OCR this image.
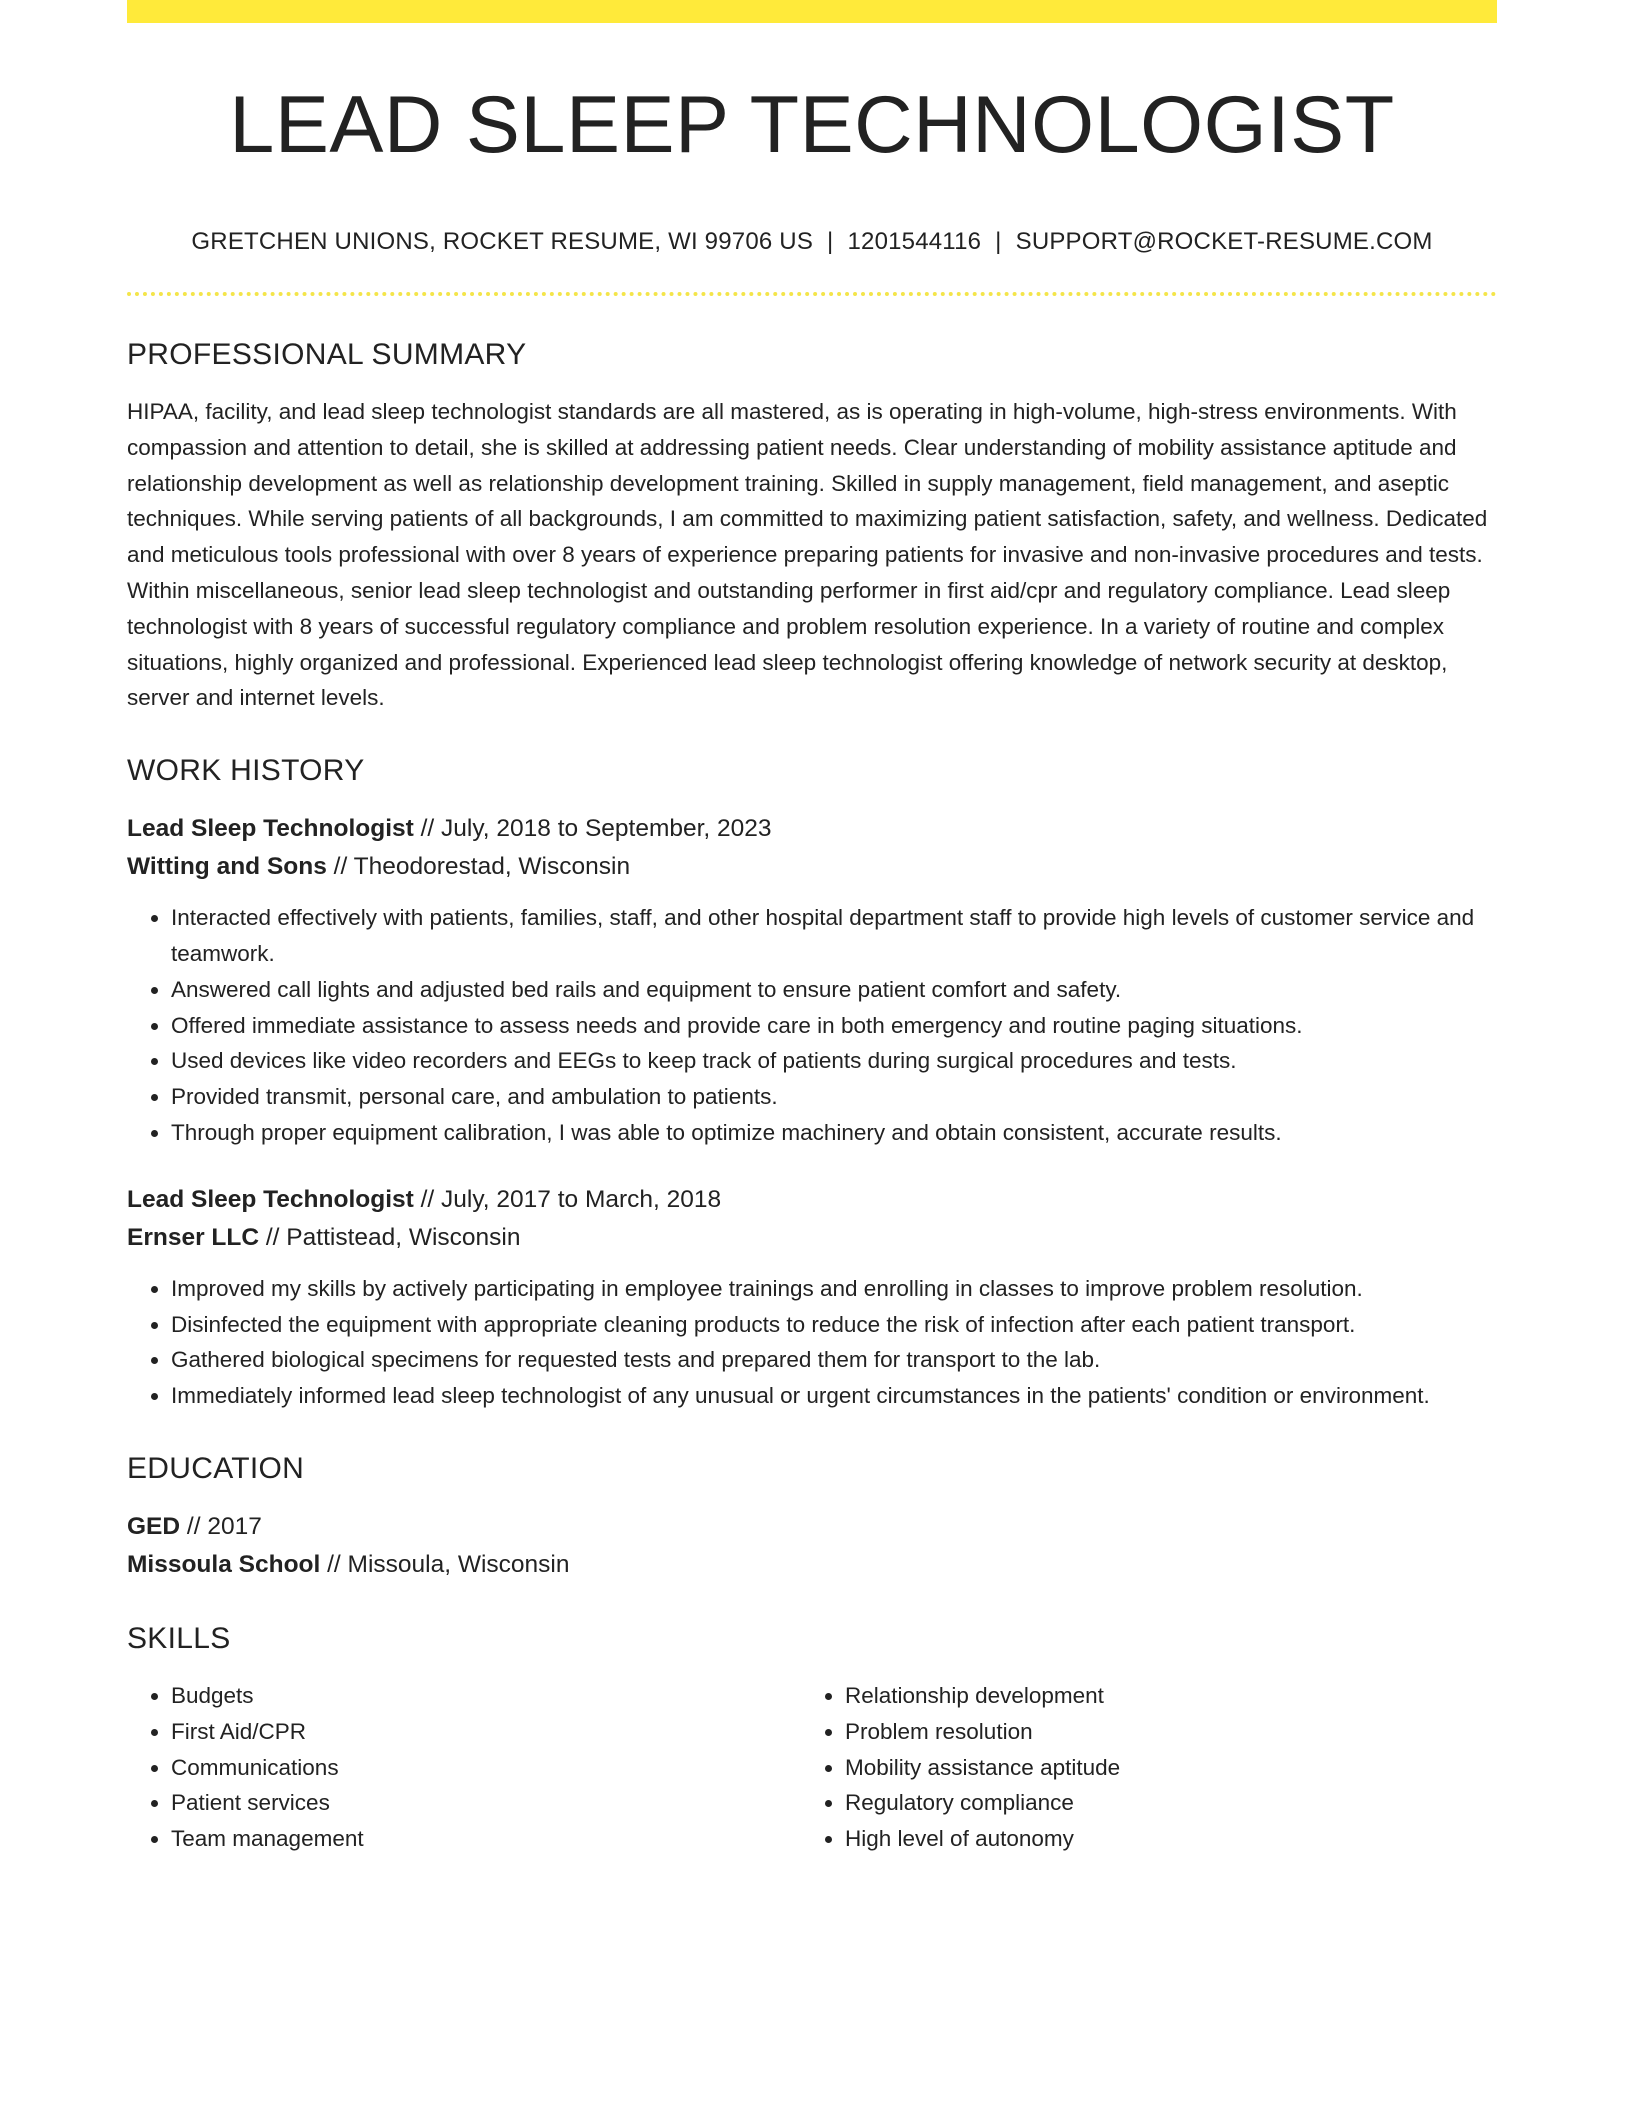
LEAD SLEEP TECHNOLOGIST
GRETCHEN UNIONS, ROCKET RESUME, WI 99706 US | 1201544116 | SUPPORT@ROCKET-RESUME.COM
PROFESSIONAL SUMMARY
HIPAA, facility, and lead sleep technologist standards are all mastered, as is operating in high-volume, high-stress environments. With compassion and attention to detail, she is skilled at addressing patient needs. Clear understanding of mobility assistance aptitude and relationship development as well as relationship development training. Skilled in supply management, field management, and aseptic techniques. While serving patients of all backgrounds, I am committed to maximizing patient satisfaction, safety, and wellness. Dedicated and meticulous tools professional with over 8 years of experience preparing patients for invasive and non-invasive procedures and tests. Within miscellaneous, senior lead sleep technologist and outstanding performer in first aid/cpr and regulatory compliance. Lead sleep technologist with 8 years of successful regulatory compliance and problem resolution experience. In a variety of routine and complex situations, highly organized and professional. Experienced lead sleep technologist offering knowledge of network security at desktop, server and internet levels.
WORK HISTORY
Lead Sleep Technologist // July, 2018 to September, 2023
Witting and Sons // Theodorestad, Wisconsin
• Interacted effectively with patients, families, staff, and other hospital department staff to provide high levels of customer service and teamwork.
• Answered call lights and adjusted bed rails and equipment to ensure patient comfort and safety.
• Offered immediate assistance to assess needs and provide care in both emergency and routine paging situations.
• Used devices like video recorders and EEGs to keep track of patients during surgical procedures and tests.
• Provided transmit, personal care, and ambulation to patients.
• Through proper equipment calibration, I was able to optimize machinery and obtain consistent, accurate results.
Lead Sleep Technologist // July, 2017 to March, 2018
Ernser LLC // Pattistead, Wisconsin
• Improved my skills by actively participating in employee trainings and enrolling in classes to improve problem resolution.
• Disinfected the equipment with appropriate cleaning products to reduce the risk of infection after each patient transport.
• Gathered biological specimens for requested tests and prepared them for transport to the lab.
• Immediately informed lead sleep technologist of any unusual or urgent circumstances in the patients' condition or environment.
EDUCATION
GED // 2017
Missoula School // Missoula, Wisconsin
SKILLS
• Budgets
• First Aid/CPR
• Communications
• Patient services
• Team management
• Relationship development
• Problem resolution
• Mobility assistance aptitude
• Regulatory compliance
• High level of autonomy
